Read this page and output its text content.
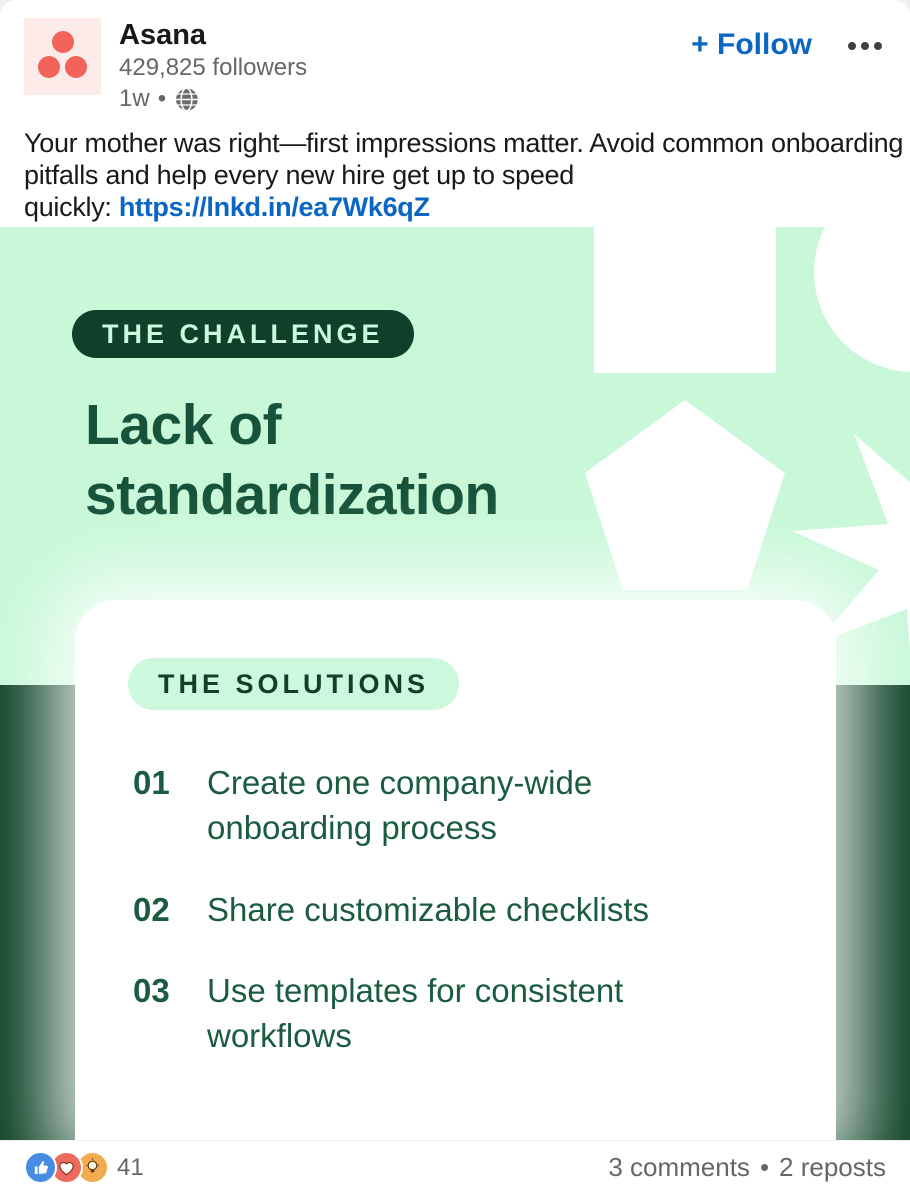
Asana
429,825 followers
1w •
+ Follow
Your mother was right—first impressions matter. Avoid common onboarding
pitfalls and help every new hire get up to speed
quickly: https://lnkd.in/ea7Wk6qZ
THE CHALLENGE
Lack of
standardization
THE SOLUTIONS
01 Create one company-wide onboarding process
02 Share customizable checklists
03 Use templates for consistent workflows
41	3 comments • 2 reposts
